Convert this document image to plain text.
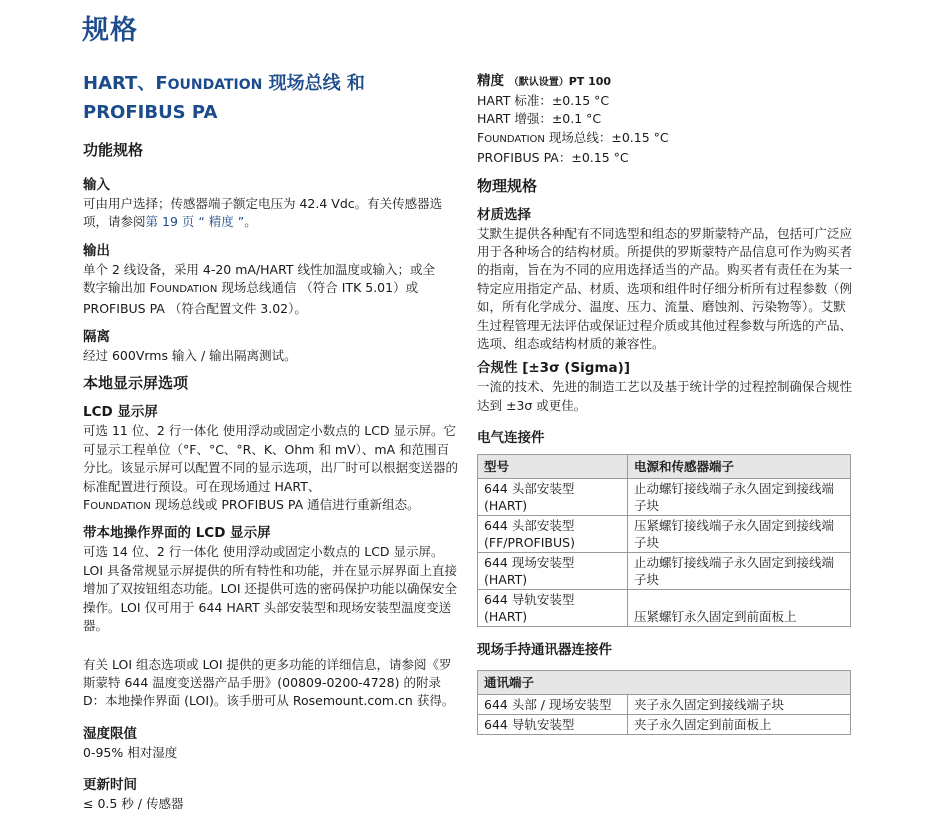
规格
HART、FOUNDATION 现场总线 和
PROFIBUS PA
功能规格
输入
可由用户选择；传感器端子额定电压为 42.4 Vdc。有关传感器选项，请参阅第 19 页 “ 精度 ”。
输出
单个 2 线设备，采用 4-20 mA/HART 线性加温度或输入；或全
数字输出加 FOUNDATION 现场总线通信 （符合 ITK 5.01）或
PROFIBUS PA （符合配置文件 3.02）。
隔离
经过 600Vrms 输入 / 输出隔离测试。
本地显示屏选项
LCD 显示屏
可选 11 位、2 行一体化 使用浮动或固定小数点的 LCD 显示屏。它可显示工程单位（°F、°C、°R、K、Ohm 和 mV）、mA 和范围百分比。该显示屏可以配置不同的显示选项，出厂时可以根据变送器的标准配置进行预设。可在现场通过 HART、
FOUNDATION 现场总线或 PROFIBUS PA 通信进行重新组态。
带本地操作界面的 LCD 显示屏
可选 14 位、2 行一体化 使用浮动或固定小数点的 LCD 显示屏。LOI 具备常规显示屏提供的所有特性和功能，并在显示屏界面上直接增加了双按钮组态功能。LOI 还提供可选的密码保护功能以确保安全操作。LOI 仅可用于 644 HART 头部安装型和现场安装型温度变送器。
有关 LOI 组态选项或 LOI 提供的更多功能的详细信息，请参阅《罗斯蒙特 644 温度变送器产品手册》(00809-0200-4728) 的附录 D：本地操作界面 (LOI)。该手册可从 Rosemount.com.cn 获得。
湿度限值
0-95% 相对湿度
更新时间
≤ 0.5 秒 / 传感器
精度 （默认设置）PT 100
HART 标准：±0.15 °C
HART 增强：±0.1 °C
FOUNDATION 现场总线：±0.15 °C
PROFIBUS PA：±0.15 °C
物理规格
材质选择
艾默生提供各种配有不同选型和组态的罗斯蒙特产品，包括可广泛应用于各种场合的结构材质。所提供的罗斯蒙特产品信息可作为购买者的指南，旨在为不同的应用选择适当的产品。购买者有责任在为某一特定应用指定产品、材质、选项和组件时仔细分析所有过程参数（例如，所有化学成分、温度、压力、流量、磨蚀剂、污染物等）。艾默生过程管理无法评估或保证过程介质或其他过程参数与所选的产品、选项、组态或结构材质的兼容性。
合规性 [±3σ (Sigma)]
一流的技术、先进的制造工艺以及基于统计学的过程控制确保合规性达到 ±3σ 或更佳。
电气连接件
型号	电源和传感器端子
644 头部安装型 (HART)	止动螺钉接线端子永久固定到接线端子块
644 头部安装型 (FF/PROFIBUS)	压紧螺钉接线端子永久固定到接线端子块
644 现场安装型 (HART)	止动螺钉接线端子永久固定到接线端子块
644 导轨安装型 (HART)	压紧螺钉永久固定到前面板上
现场手持通讯器连接件
通讯端子	
644 头部 / 现场安装型	夹子永久固定到接线端子块
644 导轨安装型	夹子永久固定到前面板上
